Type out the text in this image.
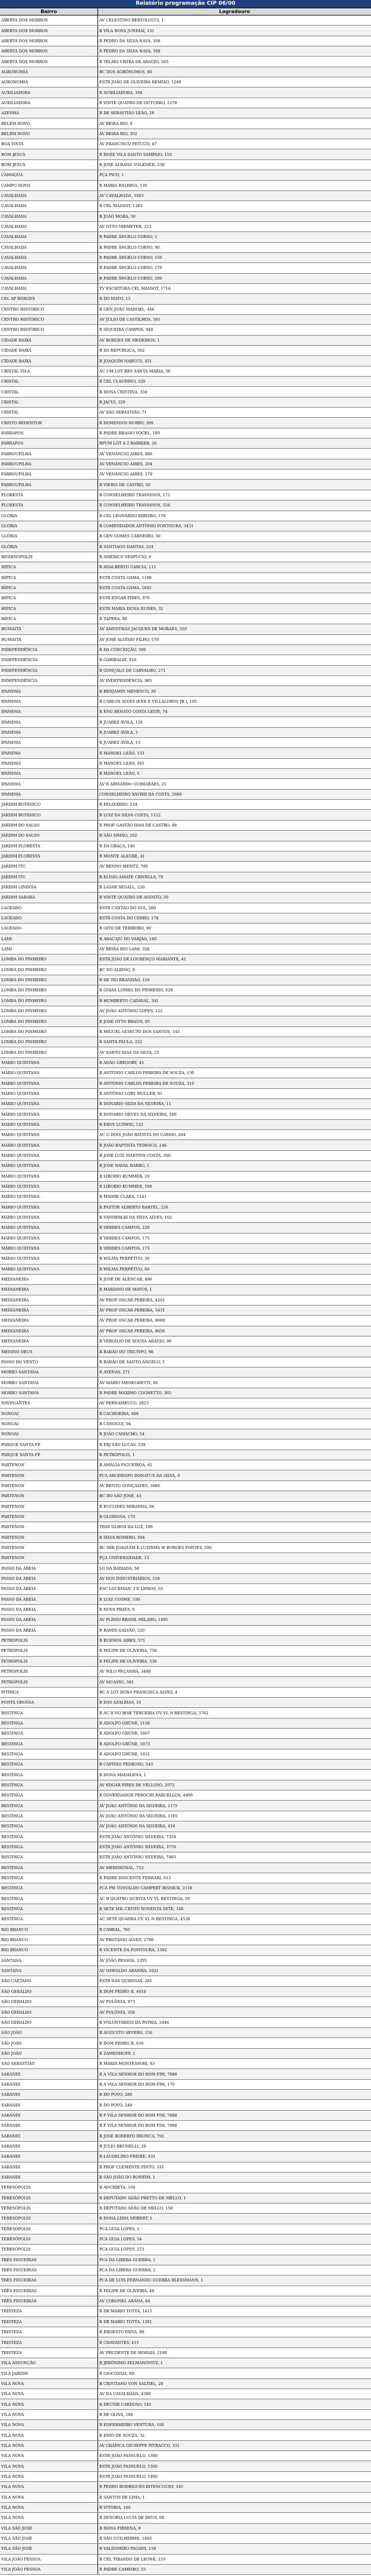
Relatório programação CIP 06/00
Bairro	Logradouro
ABERTA DOS MORROS	AV CELESTINO BERTOLUCCI, 1
ABERTA DOS MORROS	R VILA NOVA JUNDIAÍ, 131
ABERTA DOS MORROS	R PEDRO DA SILVA NAVA, 108
ABERTA DOS MORROS	R PEDRO DA SILVA NAVA, 108
ABERTA DOS MORROS	R TELMO VIEIRA DE ARAÚJO, 565
AGRONOMIA	BC DOS AGRÔNOMOS, 80
AGRONOMIA	ESTR JOÃO DE OLIVEIRA REMIÃO, 1240
AUXILIADORA	R AUXILIADORA, 166
AUXILIADORA	R VINTE QUATRO DE OUTUBRO, 1279
AZENHA	R DE SEBASTIÃO LEÃO, 28
BELÉM NOVO	AV BEIRA RIO, 0
BELÉM NOVO	AV BEIRA RIO, 352
BOA VISTA	AV FRANCISCO PETUCO, 47
BOM JESUS	R DOZE VILA SANTO SAMPAIO, 110
BOM JESUS	R JOSÉ ALBANO VOLKMER, 230
CAMAQUÃ	PÇA PICO, 1
CAMPO NOVO	R MARIA BALBINA, 135
CAVALHADA	AV CAVALHADA, 1603
CAVALHADA	R CEL MASSOT, 1383
CAVALHADA	R JOÃO MORA, 50
CAVALHADA	AV OTTO NIEMEYER, 223
CAVALHADA	R PADRE ÂNGELO CORSO, 1
CAVALHADA	R PADRE ÂNGELO CORSO, 90
CAVALHADA	R PADRE ÂNGELO CORSO, 150
CAVALHADA	R PADRE ÂNGELO CORSO, 170
CAVALHADA	R PADRE ÂNGELO CORSO, 200
CAVALHADA	TV ESCRITORA CEL MASSOT, 1714
CEL AP BORGES	R DO MATO, 13
CENTRO HISTÓRICO	R GEN JOÃO MANOEL, 446
CENTRO HISTÓRICO	AV JÚLIO DE CASTILHOS, 505
CENTRO HISTÓRICO	R SIQUEIRA CAMPOS, 940
CIDADE BAIXA	AV BORGES DE MEDEIROS, 1
CIDADE BAIXA	R DA REPÚBLICA, 382
CIDADE BAIXA	R JOAQUIM NABUCO, 451
CRISTAL VILA	AC UM LOT RES SANTA MARIA, 36
CRISTAL	R CEL CLAUDINO, 220
CRISTAL	R DONA CRISTINA, 334
CRISTAL	R JACUÍ, 320
CRISTAL	AV SÃO SEBASTIÃO, 71
CRISTO REDENTOR	R DOMINGOS RUBBO, 309
FARRAPOS	R PADRE BRASIO VOGEL, 109
FARRAPOS	RPUM LOT A 2 BARRIER, 26
FARROUPILHA	AV VENÂNCIO AIRES, 886
FARROUPILHA	AV VENÂNCIO AIRES, 204
FARROUPILHA	AV VENÂNCIO AIRES, 178
FARROUPILHA	R VIEIRA DE CASTRO, 50
FLORESTA	R CONSELHEIRO TRAVASSOS, 171
FLORESTA	R CONSELHEIRO TRAVASSOS, 534
GLÓRIA	R CEL LEONARDO RIBEIRO, 178
GLÓRIA	R COMENDADOR ANTÔNIO FONTOURA, 3431
GLÓRIA	R GEN GOMES CARNEIRO, 50
GLÓRIA	R SANTIAGO DANTAS, 224
HIGIENÓPOLIS	R AMÉRICO VESPÚCIO, 8
HÍPICA	R ADALBERTO GARCIA, 111
HÍPICA	ESTR COSTA GAMA, 1188
HÍPICA	ESTR COSTA GAMA, 2845
HÍPICA	ESTR EDGAR PIRES, 970
HÍPICA	ESTR MARIA DUNA NUNES, 32
HÍPICA	R TAPERA, 80
HUMAITÁ	AV AMYNTHAS JACQUES DE MORAES, 310
HUMAITÁ	AV JOSÉ ALOÍSIO FILHO, 570
INDEPENDÊNCIA	R DA CONCEIÇÃO, 500
INDEPENDÊNCIA	R GARIBALDI, 816
INDEPENDÊNCIA	R GONÇALO DE CARVALHO, 271
INDEPENDÊNCIA	AV INDEPENDÊNCIA, 985
IPANEMA	R BENJAMIN MENESCO, 30
IPANEMA	R CARLOS ALVES (ENE E VILLALOBOS JR.), 195
IPANEMA	R ENG RENATO COSTA LEITE, 74
IPANEMA	R JUAREZ ÁVILA, 128
IPANEMA	R JUAREZ ÁVILA, 3
IPANEMA	R JUAREZ ÁVILA, 13
IPANEMA	R MANOEL LEÃO, 133
IPANEMA	R MANOEL LEÃO, 165
IPANEMA	R MANOEL LEÃO, 5
IPANEMA	AV R ARMANDO GUIMARÃES, 25
IPANEMA	CONSELHEIRO XAVIER DA COSTA, 2680
JARDIM BOTÂNICO	R FELIZARDO, 124
JARDIM BOTÂNICO	R LUIZ DA SILVA COSTA, 1122
JARDIM DO SALSO	R PROF GASTÃO DIAS DE CASTRO, 68
JARDIM DO SALSO	R SÃO SIMÃO, 102
JARDIM FLORESTA	R DA GRAÇA, 146
JARDIM FLORESTA	R MONTE ALEGRE, 41
JARDIM ITU	AV BENNO MENTZ, 780
JARDIM ITU	R ELÍSIO AMATE CRIVELLA, 70
JARDIM LINDÓIA	R LASAR SEGALL, 250
JARDIM SABARÁ	R VINTE QUATRO DE AGOSTO, 30
LAGEADO	ESTR CANTÃO DO SUL, 200
LAGEADO	ESTR COSTA DO CERRO, 178
LAGEADO	R OITO DE TERREIRO, 90
LAMI	R ARACAJÚ DO VARJÃO, 140
LAMI	AV BEIRA RIO LAMI, 328
LOMBA DO PINHEIRO	ESTR JOÃO DE LOURENÇO MARIANTE, 41
LOMBA DO PINHEIRO	BC DO ALBINO, 8
LOMBA DO PINHEIRO	R DE TIO BRANDÃO, 116
LOMBA DO PINHEIRO	R GOIÁS LOMBA DO PINHEIRO, 629
LOMBA DO PINHEIRO	R HUMBERTO CADAVAL, 341
LOMBA DO PINHEIRO	AV JOÃO ANTÔNIO LOPES, 122
LOMBA DO PINHEIRO	R JOSÉ OTTO BRAUN, 95
LOMBA DO PINHEIRO	R MIGUEL OLYECTO DOS SANTOS, 145
LOMBA DO PINHEIRO	R SANTA PAULA, 222
LOMBA DO PINHEIRO	AV SANTO DIAS DA SILVA, 25
MÁRIO QUINTANA	R ADÃO GREGORY, 43
MÁRIO QUINTANA	R ANTÔNIO CARLOS PEREIRA DE SOUZA, 130
MÁRIO QUINTANA	R ANTÔNIO CARLOS PEREIRA DE SOUZA, 310
MÁRIO QUINTANA	R ANTÔNIO LORY MULLER, 91
MÁRIO QUINTANA	R DONARIO SILVA DA SILVEIRA, 11
MÁRIO QUINTANA	R DONARIO NEVES DA SILVEIRA, 100
MÁRIO QUINTANA	R ERNY LUDWIG, 122
MÁRIO QUINTANA	AC G DOIS JOÃO BATISTA DO CARMO, 264
MÁRIO QUINTANA	R JOÃO BAPTISTA TEDESCO, 140
MÁRIO QUINTANA	R JOSÉ LUIZ MARTINS COSTA, 306
MÁRIO QUINTANA	R JOSÉ NAVAL BARBO, 1
MÁRIO QUINTANA	R LIBORIO KUMMER, 20
MÁRIO QUINTANA	R LIBORIO KUMMER, 100
MÁRIO QUINTANA	R MADRE CLARA, 1141
MÁRIO QUINTANA	R PASTOR ALBERTO BARTEL, 220
MÁRIO QUINTANA	R VANDERLEI DA SILVA ALVES, 102
MÁRIO QUINTANA	R VERDES CAMPOS, 220
MÁRIO QUINTANA	R VERDES CAMPOS, 175
MÁRIO QUINTANA	R VERDES CAMPOS, 173
MÁRIO QUINTANA	R WILMA PERPÉTUO, 30
MÁRIO QUINTANA	R WILMA PERPÉTUO, 80
MEDIANEIRA	R JOSÉ DE ALENCAR, 896
MEDIANEIRA	R MARIANO DE MATOS, 1
MEDIANEIRA	AV PROF OSCAR PEREIRA, 4201
MEDIANEIRA	AV PROF OSCAR PEREIRA, 3431
MEDIANEIRA	AV PROF OSCAR PEREIRA, 8680
MEDIANEIRA	AV PROF OSCAR PEREIRA, 8656
MEDIANEIRA	R VERGILIO DE SOUZA ARAÚJO, 90
MENINO DEUS	R BARÃO DO TRIUNFO, 98
PASSO DO VENTO	R BARÃO DE SANTO ÂNGELO, 3
MORRO SANTANA	R ATENAS, 271
MORRO SANTANA	AV MARIO MENEGHETTI, 66
MORRO SANTANA	R PADRE MAXIMO COGHETTO, 365
NAVEGANTES	AV PERNAMBUCO, 2823
NONOAI	R CACHOEIRA, 488
NONOAI	R CANOGUÍ, 94
NONOAI	R JOÃO CAMACHO, 54
PARQUE SANTA FÉ	R ERJ SÃO LUCAS, 539
PARQUE SANTA FÉ	R PETRÓPOLIS, 1
PARTENON	R AMÁLIA FIGUEIRÓA, 42
PARTENON	PCA ARCEBISPO DONATUS DA SILVA, 0
PARTENON	AV BENTO GONÇALVES, 3480
PARTENON	BC DO SÃO JOSÉ, 43
PARTENON	R EUCLIDES MIRANDA, 66
PARTENON	R GLORIOSA, 170
PARTENON	TRAV OLHOS DA LUZ, 198
PARTENON	R SILVA ROMERO, 504
PARTENON	BC SRE JOAQUIM E LUZINHA W BORGES FORTES, 290
PARTENON	PÇA UNIVERSIDADE, 13
PASSO DA AREIA	LG DA BAIXADA, 58
PASSO DA AREIA	AV DOS INDUSTRIÁRIOS, 518
PASSO DA AREIA	ESC LOCKMAN, 3 E LEMOS, 63
PASSO DA AREIA	R LUIZ COSME, 330
PASSO DA AREIA	R NOVA PRATA, 0
PASSO DA AREIA	AV PLÍNIO BRASIL MILANO, 1495
PASSO DA AREIA	R RAMIS GALVÃO, 320
PETRÓPOLIS	R BUENOS AIRES, 571
PETRÓPOLIS	R FELIPE DE OLIVEIRA, 750
PETRÓPOLIS	R FELIPE DE OLIVEIRA, 530
PETRÓPOLIS	AV NILO PEÇANHA, 3480
PETRÓPOLIS	AV SICASSU, 581
PITINGA	BC A LOT DONA FRANCISCA ALVES, 4
PONTA GROSSA	R DAS AZALEIAS, 10
RESTINGA	R AC B NO BISE TERCEIRA UV VL N RESTINGA, 3762
RESTINGA	R ADOLFO GRÜNE, 1156
RESTINGA	R ADOLFO GRÜNE, 1067
RESTINGA	R ADOLFO GRÜNE, 1073
RESTINGA	R ADOLFO GRÜNE, 1031
RESTINGA	R CAPITÃO PEDROSO, 543
RESTINGA	R DONA MADALENA, 1
RESTINGA	AV EDGAR PIRES DE VELLOSO, 2972
RESTINGA	R GOVERNADOR PEROCHI BARCELLOS, 4466
RESTINGA	AV JOÃO ANTÔNIO DA SILVEIRA, 1175
RESTINGA	AV JOÃO ANTÔNIO DA SILVEIRA, 1165
RESTINGA	AV JOÃO ANTÔNIO DA SILVEIRA, 418
RESTINGA	ESTR JOÃO ANTÔNIO SILVEIRA, 7318
RESTINGA	ESTR JOÃO ANTÔNIO SILVEIRA, 3770
RESTINGA	ESTR JOÃO ANTÔNIO SILVEIRA, 7483
RESTINGA	AV MERIDIONAL, 753
RESTINGA	R PADRE INOCENTE FERRARI, 613
RESTINGA	PCA PM TOSVALDO CAMPERT BISNICK, 2118
RESTINGA	AC B QUATRO QUINTA UV VL RESTINGA, 56
RESTINGA	R SETE MIL CENTO NOVENTA SETE, 140
RESTINGA	AC SETE QUADRA UV VL N RESTINGA, 4538
RIO BRANCO	R CABRAL, 785
RIO BRANCO	AV PROTÁSIO ALVES, 2700
RIO BRANCO	R VICENTE DA FONTOURA, 1382
SANTANA	AV JOÃO PESSOA, 1355
SANTANA	AV OSWALDO ARANHA, 1021
SÃO CAETANO	ESTR DAS QUIRINAS, 281
SÃO GERALDO	R DOM PEDRO II, 4010
SÃO GERALDO	AV POLÔNIA, 973
SÃO GERALDO	AV POLÔNIA, 358
SÃO GERALDO	R VOLUNTÁRIOS DA PÁTRIA, 2448
SÃO JOÃO	R AUGUSTO SEVERO, 156
SÃO JOÃO	R DOM PEDRO II, 616
SÃO JOÃO	R ZAMENHOFF, 1
SÃO SEBASTIÃO	R MARIA MONTESSORI, 83
SARANDI	R A VILA SENHOR DO BOM FIM, 7888
SARANDI	R A VILA SENHOR DO BOM FIM, 170
SARANDI	R DO POVO, 280
SARANDI	R DO POVO, 240
SARANDI	R F VILA SENHOR DO BOM FIM, 7888
SARANDI	R F VILA SENHOR DO BOM FIM, 7888
SARANDI	R JOSÉ ROBERTO BRONCA, 791
SARANDI	R JÚLIO BRUNELLI, 20
SARANDI	R LAUDELINO FREIRE, 431
SARANDI	R PROF CLEMENTE PINTO, 331
SARANDI	R SÃO JOÃO DO BONFIM, 1
TERESÓPOLIS	R ANCHIETA, 160
TERESÓPOLIS	R DEPUTADO ADÃO PRETTO DE MELLO, 1
TERESÓPOLIS	R DEPUTADO ADÃO DE MELLO, 150
TERESÓPOLIS	R DONA LIDIA SEIBERT, 1
TERESÓPOLIS	PCA GUIA LOPES, 1
TERESÓPOLIS	PCA GUIA LOPES, 54
TERESÓPOLIS	PCA GUIA LOPES, 273
TRÊS FIGUEIRAS	PCA DA LIBERA GUERRA, 1
TRÊS FIGUEIRAS	PCA DA LIBERA GUERRA, 2
TRÊS FIGUEIRAS	PCA DE LUIS FERNANDO GUERRA BLESSMANN, 1
TRÊS FIGUEIRAS	R FELIPE DE OLIVEIRA, 40
TRÊS FIGUEIRAS	AV CORONEL ARANA, 64
TRISTEZA	R DR MARIO TOTTA, 1415
TRISTEZA	R DR MARIO TOTTA, 1381
TRISTEZA	R ERNESTO PAIVA, 80
TRISTEZA	R CHAVANTES, 415
TRISTEZA	AV PRUDENTE DE MORAIS, 2100
VILA ASSUNÇÃO	R JERÔNIMO ZELMANOVITZ, 1
VILA JARDIM	R GIOCONDA, 89
VILA NOVA	R CRISTIANO VON SALTIEL, 20
VILA NOVA	AV DA CAVALHADA, 4380
VILA NOVA	R DEUSIR CARDOSO, 145
VILA NOVA	R DE OLIVA, 180
VILA NOVA	R ENFERMEIRO VENTURA, 100
VILA NOVA	R ENIO DE SOUZA, 32
VILA NOVA	AV GRÁFICA GIUSEPPE PITRACCO, 331
VILA NOVA	ESTR JOÃO PASSUELO, 1300
VILA NOVA	ESTR JOÃO PASSUELO, 1300
VILA NOVA	ESTR JOÃO PASSUELO, 1400
VILA NOVA	R PEDRO RODRIGUES BITENCOURT, 345
VILA NOVA	R SANTOS DE LIMA, 1
VILA NOVA	R VITÓRIA, 100
VILA NOVA	R ZENOBIA LUCIA DE DEUS, 60
VILA SÃO JOSÉ	R DONA FIRMINA, 8
VILA SÃO JOSÉ	R SÃO GUILHERME, 1482
VILA SÃO JOSÉ	R VALDOMIRO PAGANI, 150
VILA JOÃO PESSOA	R CEL TIRANDO DE LEONE, 210
VILA JOÃO PESSOA	R PADRE CAMEIRO, 55
